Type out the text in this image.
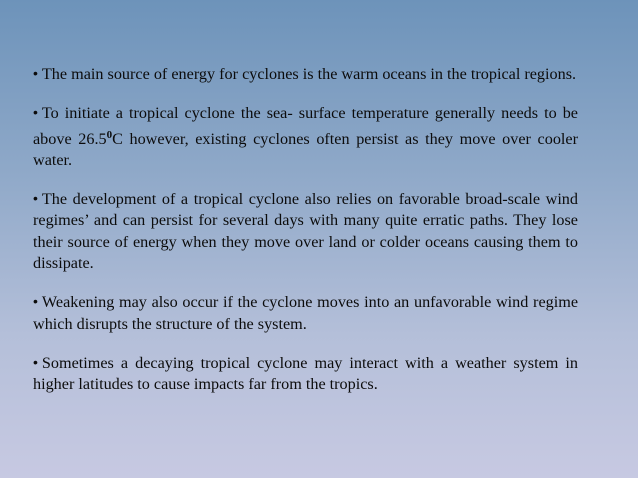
• The main source of energy for cyclones is the warm oceans in the tropical regions.

• To initiate a tropical cyclone the sea- surface temperature generally needs to be above 26.5$^0$C however, existing cyclones often persist as they move over cooler water.

• The development of a tropical cyclone also relies on favorable broad-scale wind regimes’ and can persist for several days with many quite erratic paths. They lose their source of energy when they move over land or colder oceans causing them to dissipate.

• Weakening may also occur if the cyclone moves into an unfavorable wind regime which disrupts the structure of the system.

• Sometimes a decaying tropical cyclone may interact with a weather system in higher latitudes to cause impacts far from the tropics.
